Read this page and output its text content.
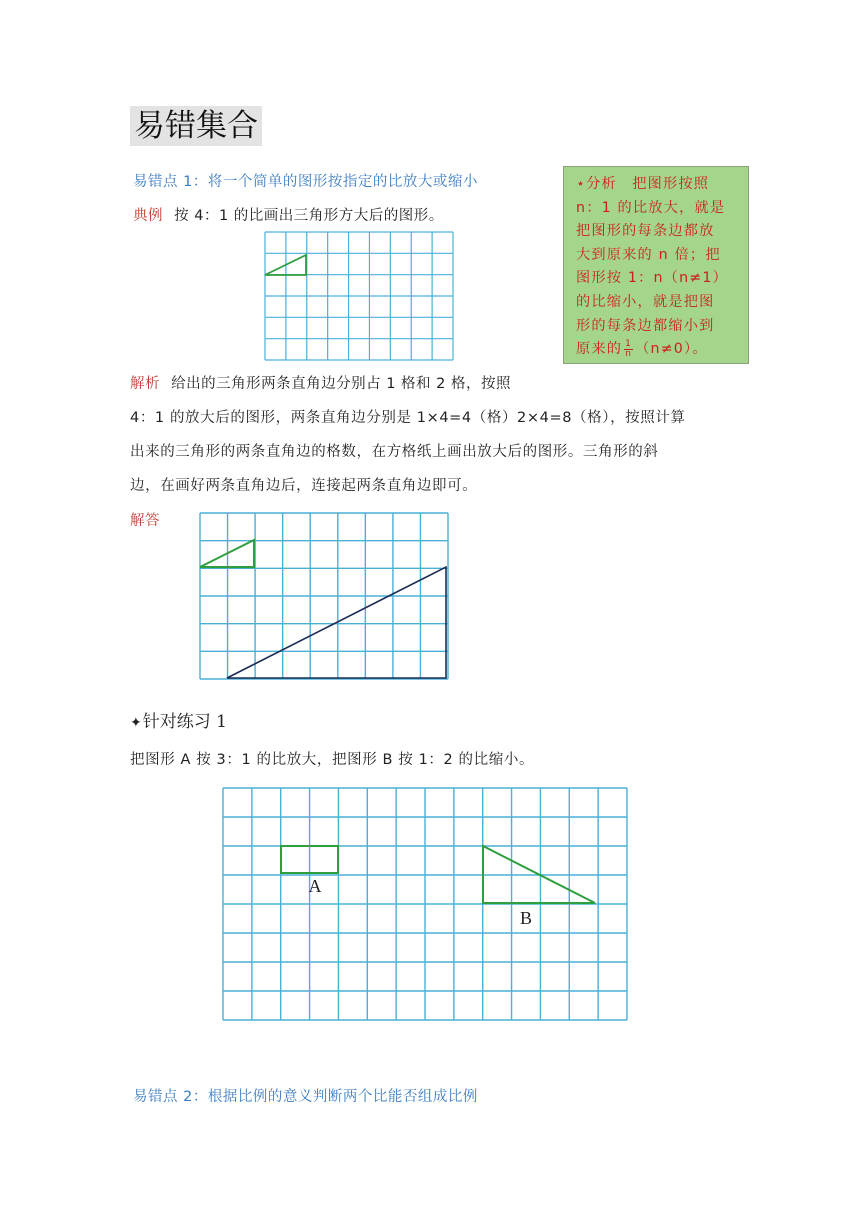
易错集合
易错点 1：将一个简单的图形按指定的比放大或缩小
典例 按 4：1 的比画出三角形方大后的图形。
⋆分析　把图形按照
n：1 的比放大，就是
把图形的每条边都放
大到原来的 n 倍；把
图形按 1：n（n≠1）
的比缩小，就是把图
形的每条边都缩小到
原来的 $\frac{1}{n} (n\ne 0)$。
解析 给出的三角形两条直角边分别占 1 格和 2 格，按照
4：1 的放大后的图形，两条直角边分别是 1×4=4（格）2×4=8（格），按照计算
出来的三角形的两条直角边的格数，在方格纸上画出放大后的图形。三角形的斜
边，在画好两条直角边后，连接起两条直角边即可。
解答
✦针对练习 1
把图形 A 按 3：1 的比放大，把图形 B 按 1：2 的比缩小。
A
B
易错点 2：根据比例的意义判断两个比能否组成比例
